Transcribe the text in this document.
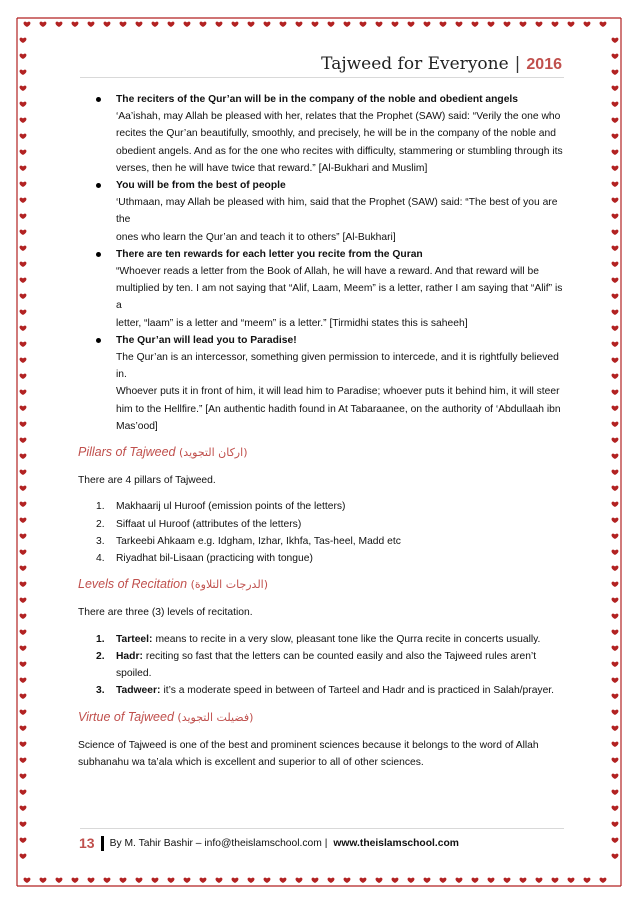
Tajweed for Everyone | 2016
The reciters of the Qur’an will be in the company of the noble and obedient angels
‘Aa’ishah, may Allah be pleased with her, relates that the Prophet (SAW) said: “Verily the one who
recites the Qur’an beautifully, smoothly, and precisely, he will be in the company of the noble and
obedient angels. And as for the one who recites with difficulty, stammering or stumbling through its
verses, then he will have twice that reward.” [Al-Bukhari and Muslim]
You will be from the best of people
‘Uthmaan, may Allah be pleased with him, said that the Prophet (SAW) said: “The best of you are the
ones who learn the Qur’an and teach it to others” [Al-Bukhari]
There are ten rewards for each letter you recite from the Quran
“Whoever reads a letter from the Book of Allah, he will have a reward. And that reward will be
multiplied by ten. I am not saying that “Alif, Laam, Meem” is a letter, rather I am saying that “Alif” is a
letter, “laam” is a letter and “meem” is a letter.” [Tirmidhi states this is saheeh]
The Qur’an will lead you to Paradise!
The Qur’an is an intercessor, something given permission to intercede, and it is rightfully believed in.
Whoever puts it in front of him, it will lead him to Paradise; whoever puts it behind him, it will steer
him to the Hellfire.” [An authentic hadith found in At Tabaraanee, on the authority of ‘Abdullaah ibn
Mas’ood]
Pillars of Tajweed (اركان التجويد)

There are 4 pillars of Tajweed.

1.	Makhaarij ul Huroof (emission points of the letters)
2.	Siffaat ul Huroof (attributes of the letters)
3.	Tarkeebi Ahkaam e.g. Idgham, Izhar, Ikhfa, Tas-heel, Madd etc
4.	Riyadhat bil-Lisaan (practicing with tongue)
Levels of Recitation (الدرجات التلاوة)

There are three (3) levels of recitation.

1.	Tarteel: means to recite in a very slow, pleasant tone like the Qurra recite in concerts usually.
2.	Hadr: reciting so fast that the letters can be counted easily and also the Tajweed rules aren’t spoiled.
3.	Tadweer: it’s a moderate speed in between of Tarteel and Hadr and is practiced in Salah/prayer.
Virtue of Tajweed (فضيلت التجويد)

Science of Tajweed is one of the best and prominent sciences because it belongs to the word of Allah
subhanahu wa ta’ala which is excellent and superior to all of other sciences.

13 By M. Tahir Bashir – info@theislamschool.com | www.theislamschool.com
